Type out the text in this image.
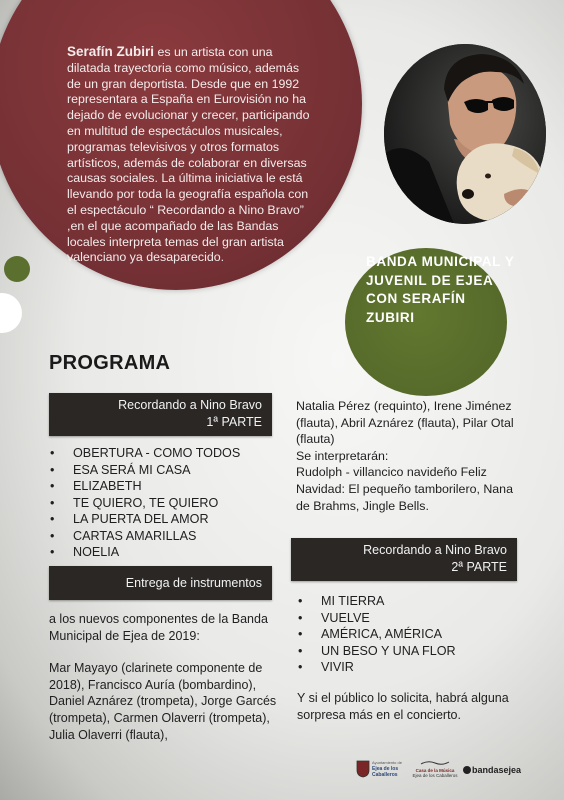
Serafín Zubiri es un artista con una dilatada trayectoria como músico, además de un gran deportista. Desde que en 1992 representara a España en Eurovisión no ha dejado de evolucionar y crecer, participando en multitud de espectáculos musicales, programas televisivos y otros formatos artísticos, además de colaborar en diversas causas sociales. La última iniciativa le está llevando por toda la geografía española con el espectáculo “ Recordando a Nino Bravo” ,en el que acompañado de las Bandas locales interpreta temas del gran artista valenciano ya desaparecido.	BANDA MUNICIPAL Y JUVENIL DE EJEA CON SERAFÍN ZUBIRI
PROGRAMA
Recordando a Nino Bravo
1ª PARTE
• OBERTURA - COMO TODOS
• ESA SERÁ MI CASA
• ELIZABETH
• TE QUIERO, TE QUIERO
• LA PUERTA DEL AMOR
• CARTAS AMARILLAS
• NOELIA
Entrega de instrumentos
a los nuevos componentes de la Banda Municipal de Ejea de 2019:
Mar Mayayo (clarinete componente de 2018), Francisco Auría (bombardino), Daniel Aznárez (trompeta), Jorge Garcés (trompeta), Carmen Olaverri (trompeta), Julia Olaverri (flauta),
Natalia Pérez (requinto), Irene Jiménez (flauta), Abril Aznárez (flauta), Pilar Otal (flauta)
Se interpretarán:
Rudolph - villancico navideño Feliz Navidad: El pequeño tamborilero, Nana de Brahms, Jingle Bells.
Recordando a Nino Bravo
2ª PARTE
• MI TIERRA
• VUELVE
• AMÉRICA, AMÉRICA
• UN BESO Y UNA FLOR
• VIVIR
Y si el público lo solicita, habrá alguna sorpresa más en el concierto.
Ayuntamiento de
Ejea de los Caballeros
Casa de la Música
Ejea de los Caballeros
bandasejea
